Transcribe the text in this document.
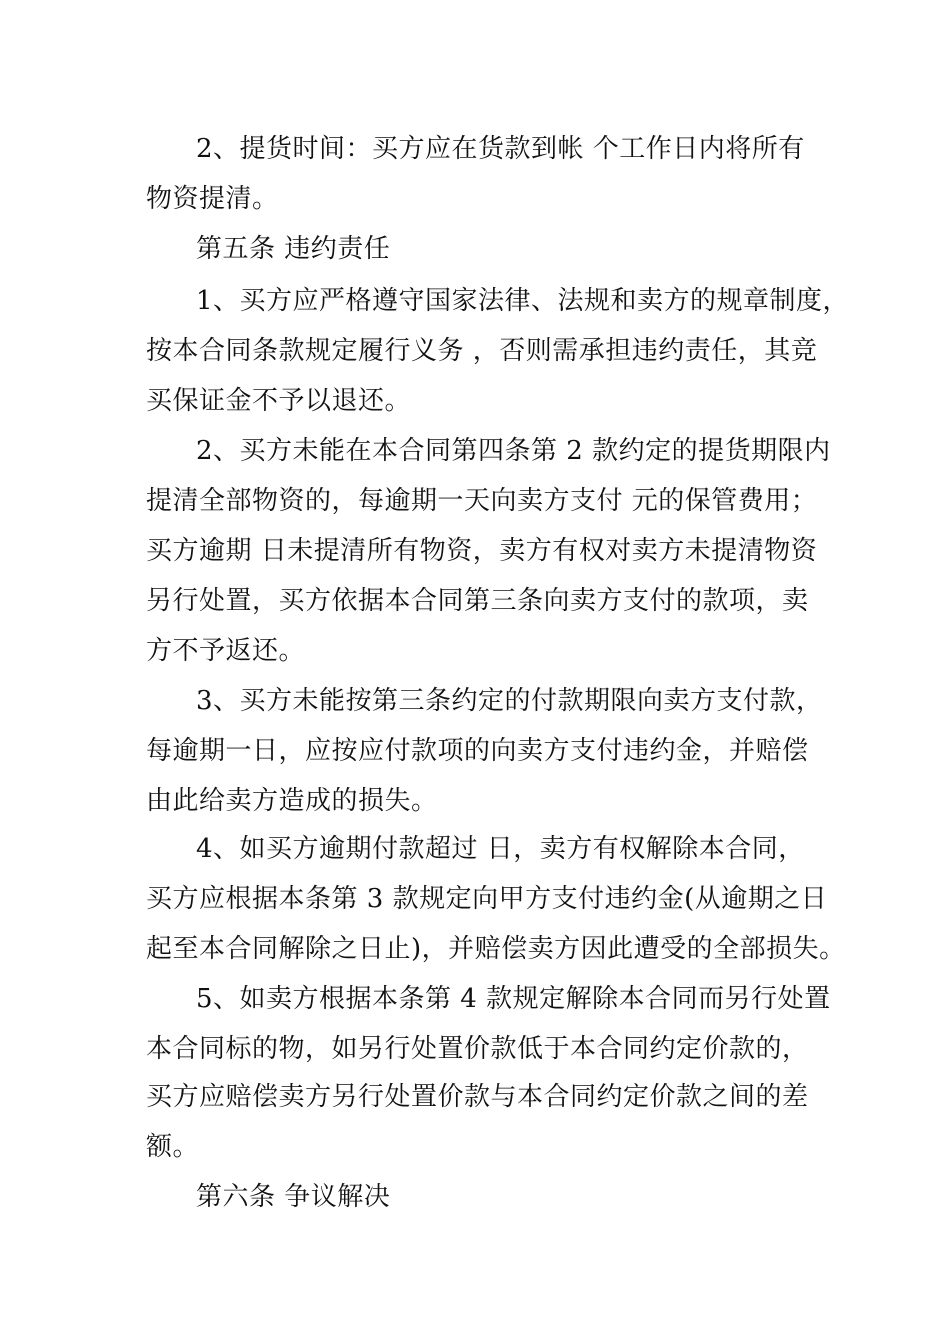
2、提货时间：买方应在货款到帐 个工作日内将所有
物资提清。
第五条 违约责任
1、买方应严格遵守国家法律、法规和卖方的规章制度，
按本合同条款规定履行义务 ，否则需承担违约责任，其竞
买保证金不予以退还。
2、买方未能在本合同第四条第 2 款约定的提货期限内
提清全部物资的，每逾期一天向卖方支付 元的保管费用；
买方逾期 日未提清所有物资，卖方有权对卖方未提清物资
另行处置，买方依据本合同第三条向卖方支付的款项，卖
方不予返还。
3、买方未能按第三条约定的付款期限向卖方支付款，
每逾期一日，应按应付款项的向卖方支付违约金，并赔偿
由此给卖方造成的损失。
4、如买方逾期付款超过 日，卖方有权解除本合同，
买方应根据本条第 3 款规定向甲方支付违约金(从逾期之日
起至本合同解除之日止)，并赔偿卖方因此遭受的全部损失。
5、如卖方根据本条第 4 款规定解除本合同而另行处置
本合同标的物，如另行处置价款低于本合同约定价款的，
买方应赔偿卖方另行处置价款与本合同约定价款之间的差
额。
第六条 争议解决
